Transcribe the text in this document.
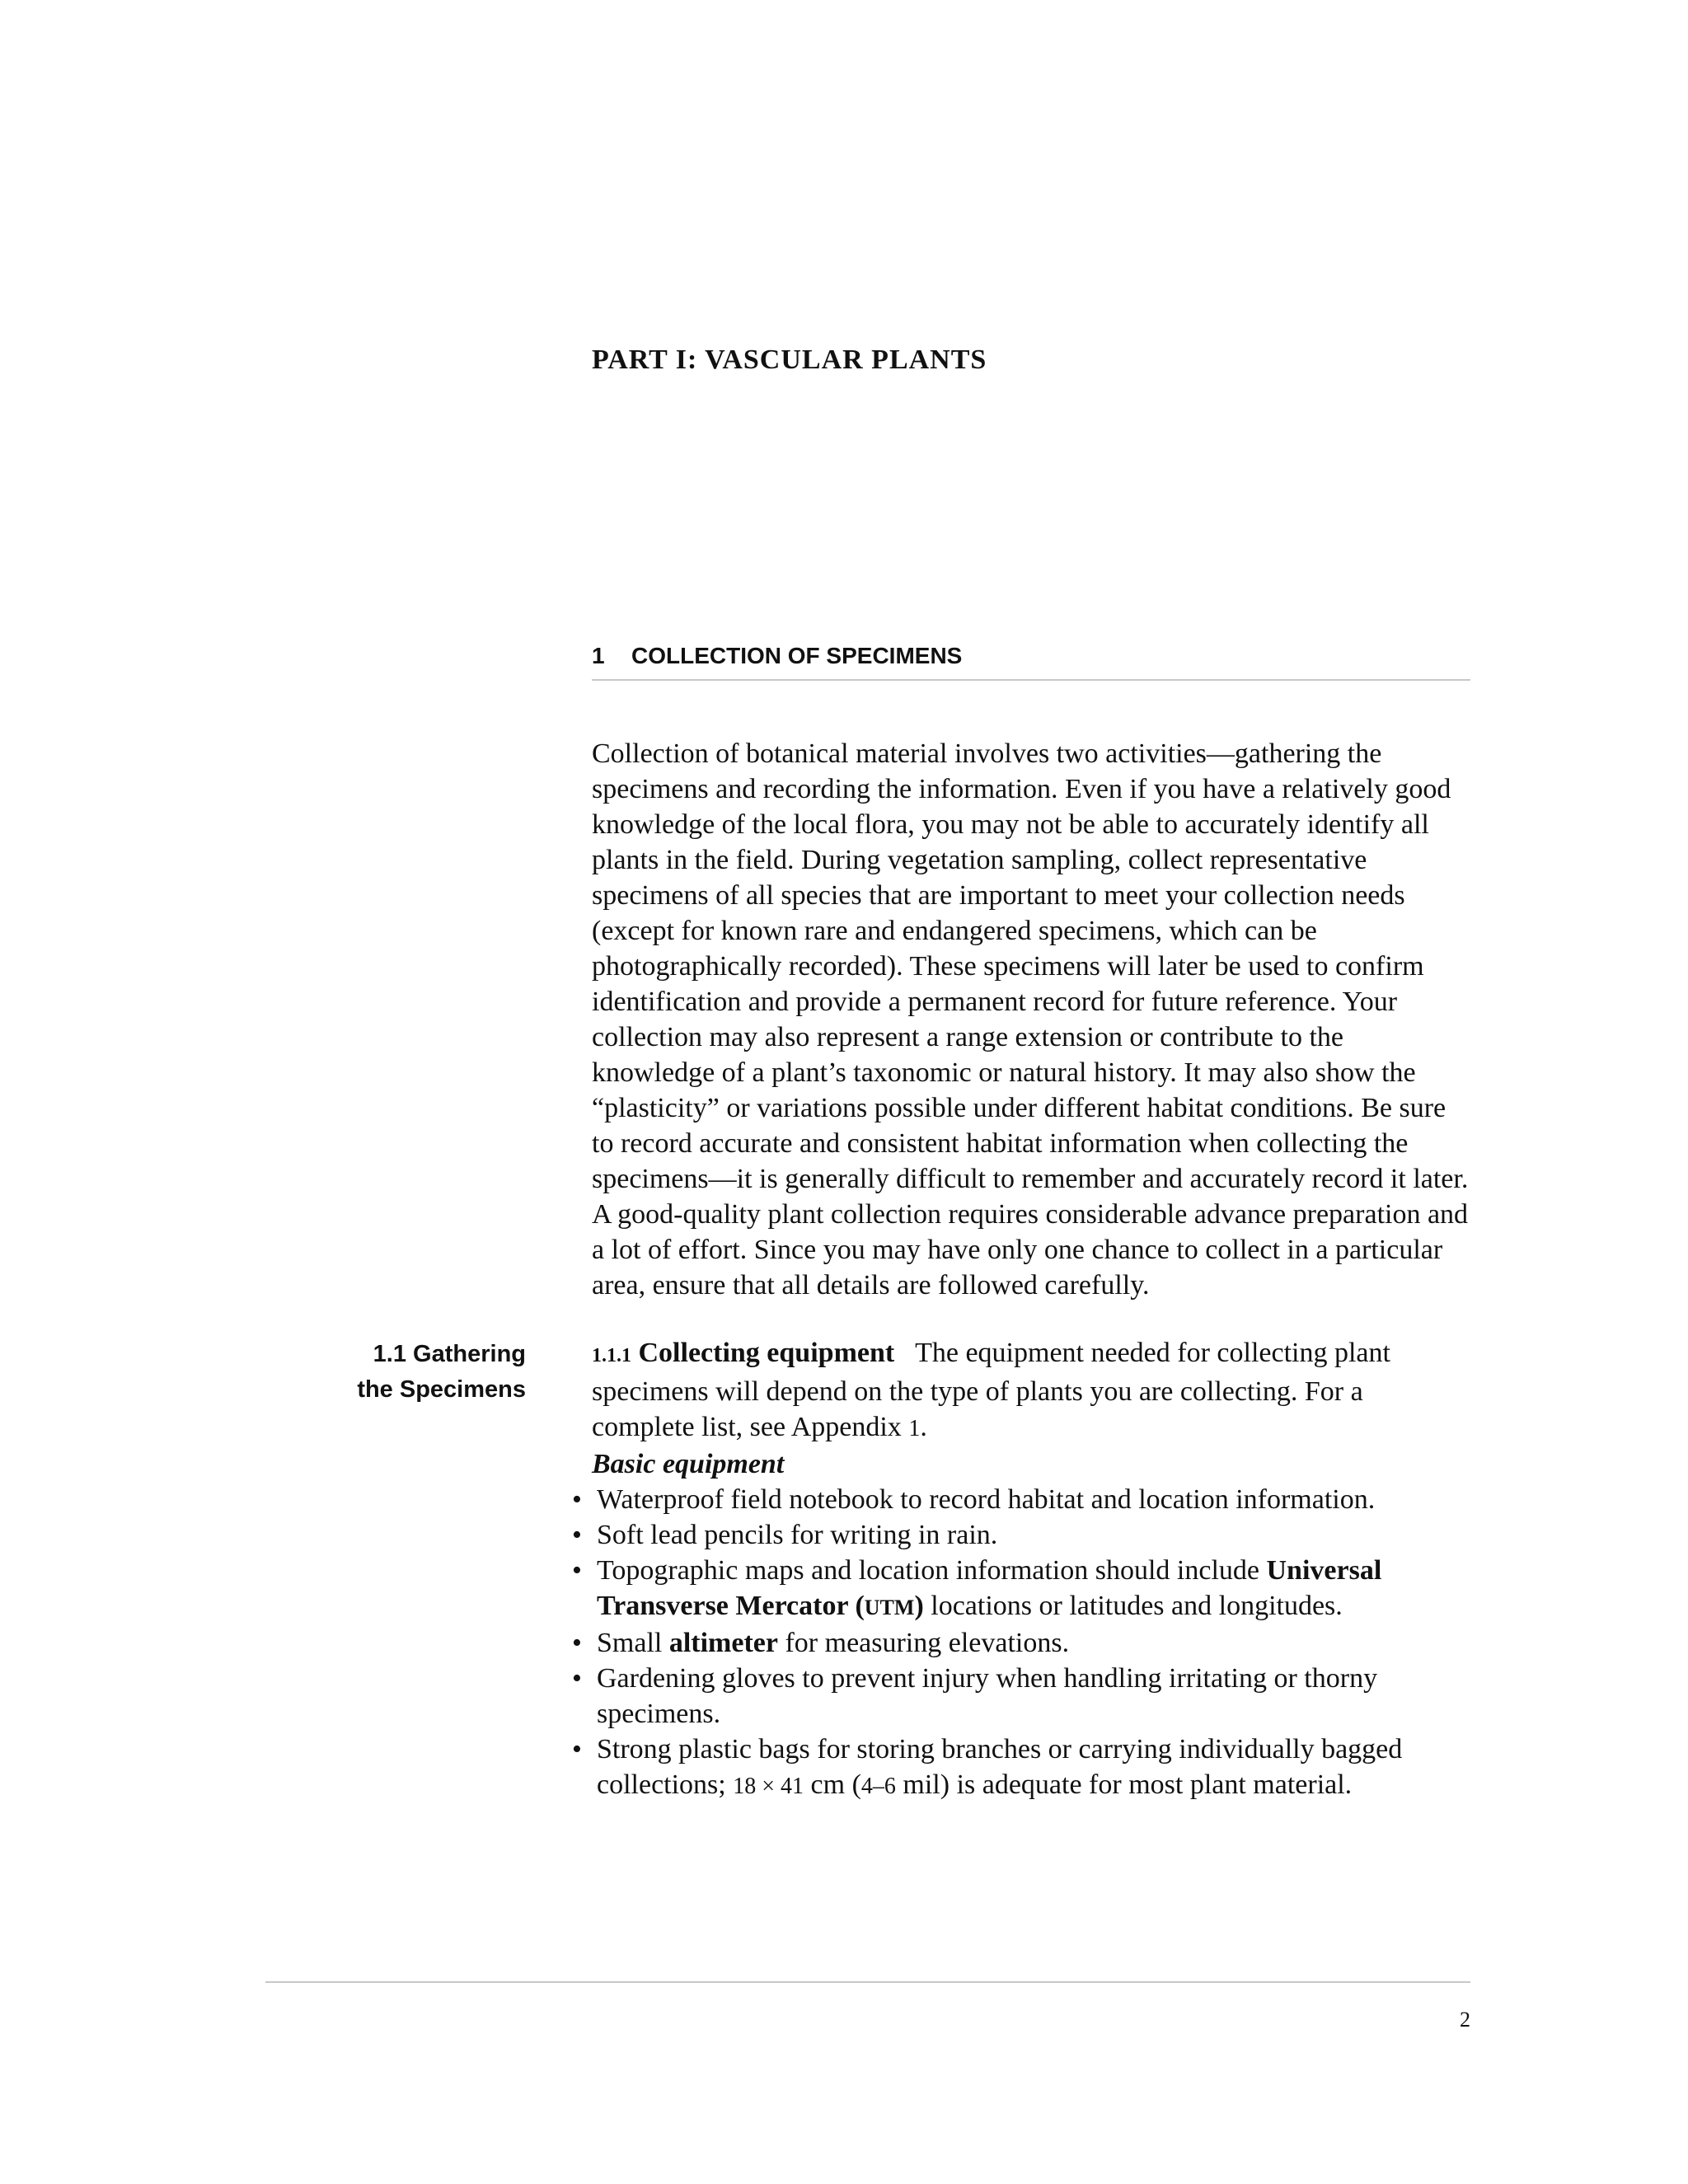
PART I: VASCULAR PLANTS
1 COLLECTION OF SPECIMENS

Collection of botanical material involves two activities—gathering the specimens and recording the information. Even if you have a relatively good knowledge of the local flora, you may not be able to accurately identify all plants in the field. During vegetation sampling, collect representative specimens of all species that are important to meet your collection needs (except for known rare and endangered specimens, which can be photographically recorded). These specimens will later be used to confirm identification and provide a permanent record for future reference. Your collection may also represent a range extension or contribute to the knowledge of a plant’s taxonomic or natural history. It may also show the “plasticity” or variations possible under different habitat conditions. Be sure to record accurate and consistent habitat information when collecting the specimens—it is generally difficult to remember and accurately record it later. A good-quality plant collection requires considerable advance preparation and a lot of effort. Since you may have only one chance to collect in a particular area, ensure that all details are followed carefully.

1.1 Gathering
the Specimens

1.1.1 Collecting equipment The equipment needed for collecting plant specimens will depend on the type of plants you are collecting. For a complete list, see Appendix 1.

Basic equipment

• Waterproof field notebook to record habitat and location information.
• Soft lead pencils for writing in rain.
• Topographic maps and location information should include Universal Transverse Mercator (UTM) locations or latitudes and longitudes.
• Small altimeter for measuring elevations.
• Gardening gloves to prevent injury when handling irritating or thorny specimens.
• Strong plastic bags for storing branches or carrying individually bagged collections; 18 × 41 cm (4–6 mil) is adequate for most plant material.
2
